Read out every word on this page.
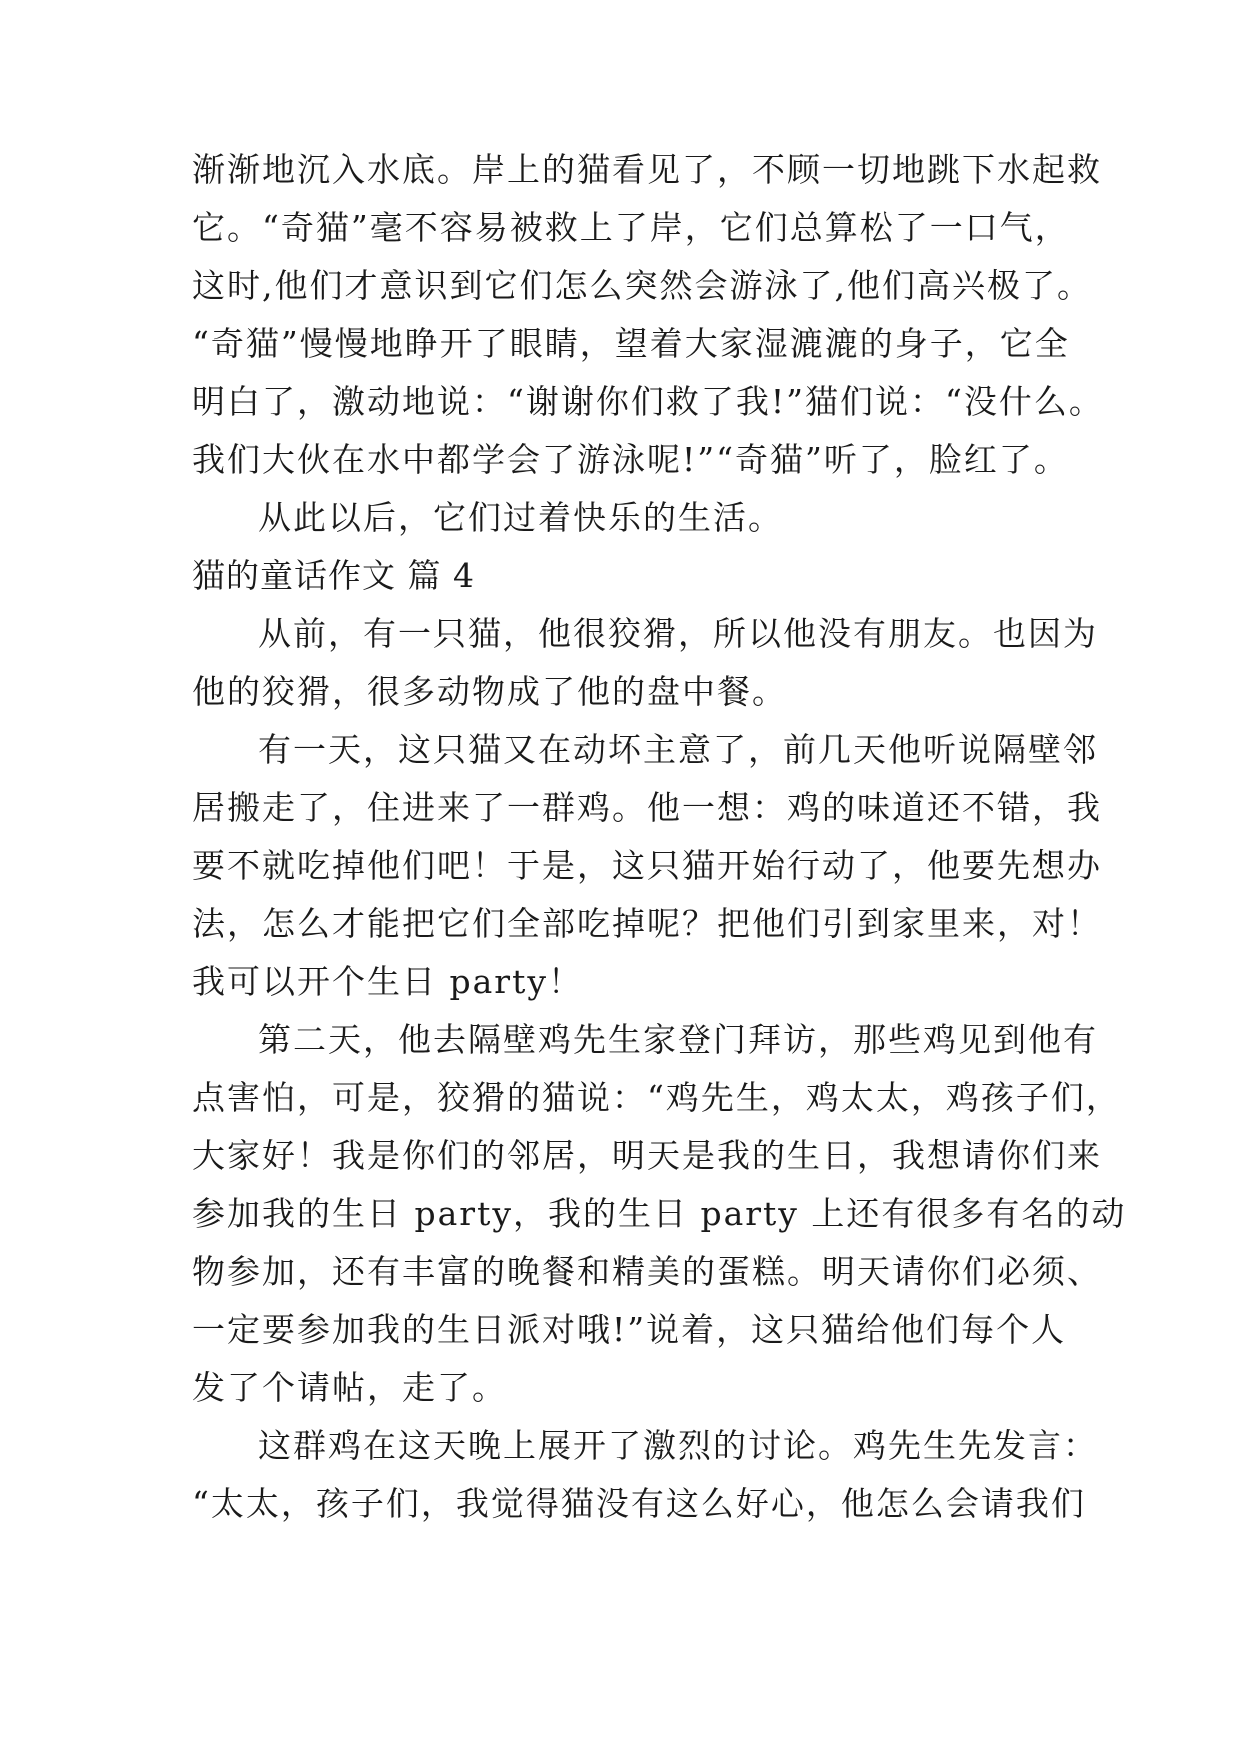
渐渐地沉入水底。岸上的猫看见了，不顾一切地跳下水起救
它。“奇猫”毫不容易被救上了岸，它们总算松了一口气，
这时,他们才意识到它们怎么突然会游泳了,他们高兴极了。
“奇猫”慢慢地睁开了眼睛，望着大家湿漉漉的身子，它全
明白了，激动地说：“谢谢你们救了我!”猫们说：“没什么。
我们大伙在水中都学会了游泳呢!”“奇猫”听了，脸红了。
从此以后，它们过着快乐的生活。
猫的童话作文 篇 4
从前，有一只猫，他很狡猾，所以他没有朋友。也因为
他的狡猾，很多动物成了他的盘中餐。
有一天，这只猫又在动坏主意了，前几天他听说隔壁邻
居搬走了，住进来了一群鸡。他一想：鸡的味道还不错，我
要不就吃掉他们吧！于是，这只猫开始行动了，他要先想办
法，怎么才能把它们全部吃掉呢？把他们引到家里来，对！
我可以开个生日 party！
第二天，他去隔壁鸡先生家登门拜访，那些鸡见到他有
点害怕，可是，狡猾的猫说：“鸡先生，鸡太太，鸡孩子们，
大家好！我是你们的邻居，明天是我的生日，我想请你们来
参加我的生日 party，我的生日 party 上还有很多有名的动
物参加，还有丰富的晚餐和精美的蛋糕。明天请你们必须、
一定要参加我的生日派对哦!”说着，这只猫给他们每个人
发了个请帖，走了。
这群鸡在这天晚上展开了激烈的讨论。鸡先生先发言：
“太太，孩子们，我觉得猫没有这么好心，他怎么会请我们
